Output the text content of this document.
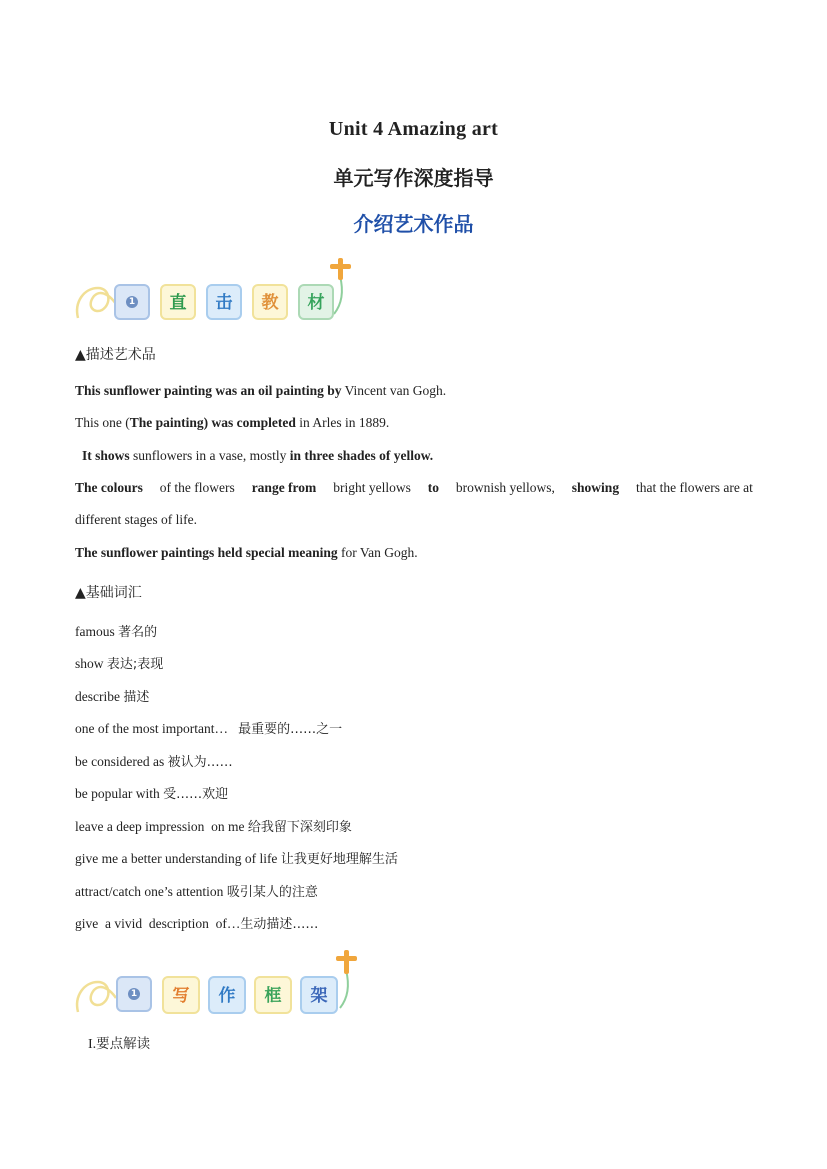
Unit 4 Amazing art
单元写作深度指导
介绍艺术作品
1	直	击	教	材
▲描述艺术品
This sunflower painting was an oil painting by Vincent van Gogh.
This one (The painting) was completed in Arles in 1889.
It shows sunflowers in a vase, mostly in three shades of yellow.
The colours of the flowers range from bright yellows to brownish yellows, showing that the flowers are at
different stages of life.
The sunflower paintings held special meaning for Van Gogh.
▲基础词汇
famous 著名的
show 表达;表现
describe 描述
one of the most important…   最重要的……之一
be considered as 被认为……
be popular with 受……欢迎
leave a deep impression  on me 给我留下深刻印象
give me a better understanding of life 让我更好地理解生活
attract/catch one’s attention 吸引某人的注意
give  a vivid  description  of…生动描述……
1	写	作	框	架
I.要点解读
